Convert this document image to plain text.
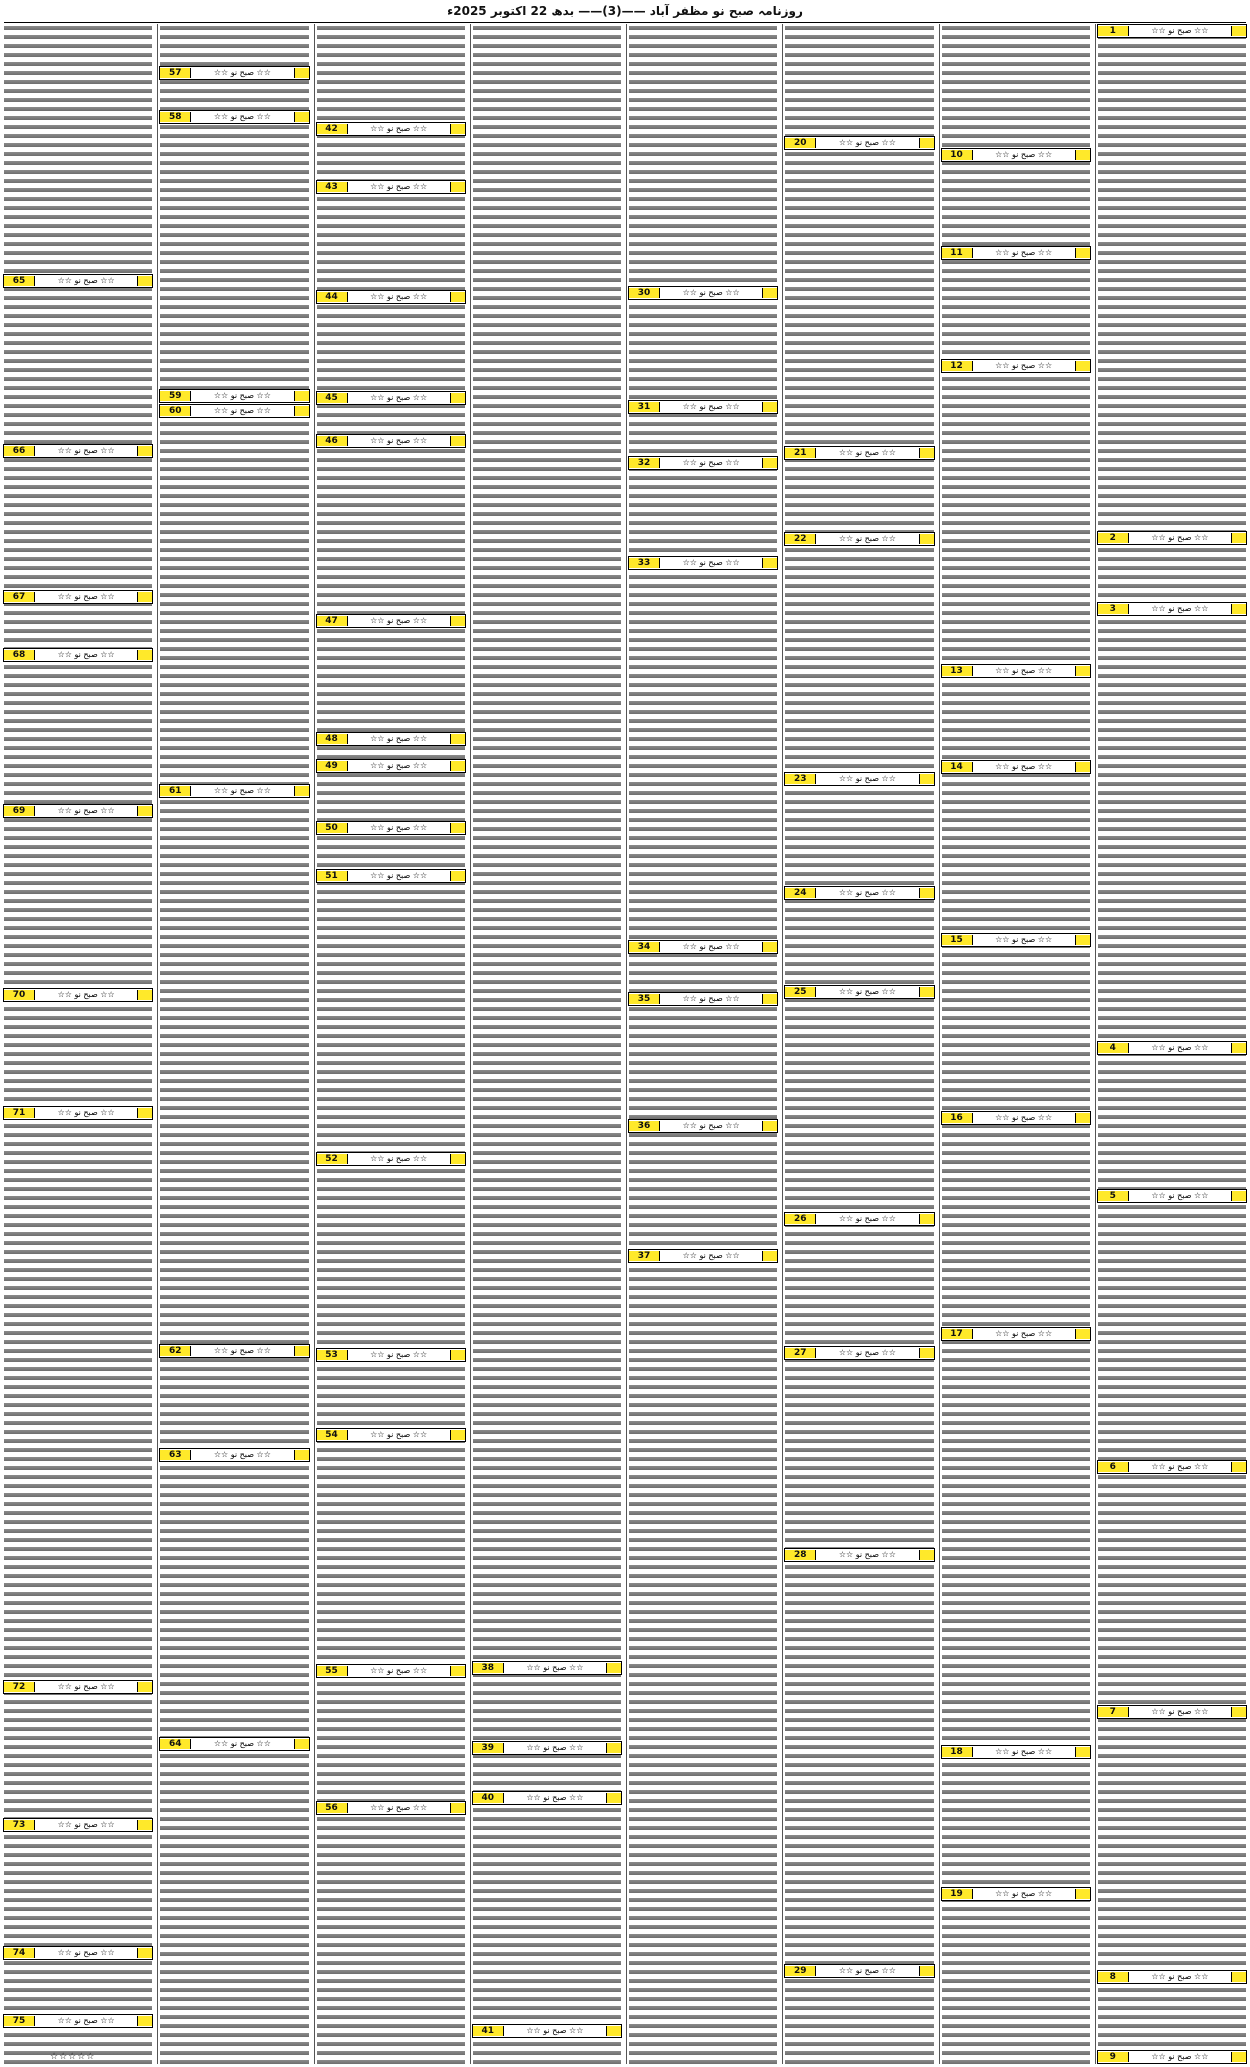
روزنامہ صبح نو مظفر آباد ——(3)—— بدھ 22 اکتوبر 2025ء
1	☆☆ صبح نو ☆☆
2	☆☆ صبح نو ☆☆
3	☆☆ صبح نو ☆☆
4	☆☆ صبح نو ☆☆
5	☆☆ صبح نو ☆☆
6	☆☆ صبح نو ☆☆
7	☆☆ صبح نو ☆☆
8	☆☆ صبح نو ☆☆
9	☆☆ صبح نو ☆☆
10	☆☆ صبح نو ☆☆
11	☆☆ صبح نو ☆☆
12	☆☆ صبح نو ☆☆
13	☆☆ صبح نو ☆☆
14	☆☆ صبح نو ☆☆
15	☆☆ صبح نو ☆☆
16	☆☆ صبح نو ☆☆
17	☆☆ صبح نو ☆☆
18	☆☆ صبح نو ☆☆
19	☆☆ صبح نو ☆☆
20	☆☆ صبح نو ☆☆
21	☆☆ صبح نو ☆☆
22	☆☆ صبح نو ☆☆
23	☆☆ صبح نو ☆☆
24	☆☆ صبح نو ☆☆
25	☆☆ صبح نو ☆☆
26	☆☆ صبح نو ☆☆
27	☆☆ صبح نو ☆☆
28	☆☆ صبح نو ☆☆
29	☆☆ صبح نو ☆☆
30	☆☆ صبح نو ☆☆
31	☆☆ صبح نو ☆☆
32	☆☆ صبح نو ☆☆
33	☆☆ صبح نو ☆☆
34	☆☆ صبح نو ☆☆
35	☆☆ صبح نو ☆☆
36	☆☆ صبح نو ☆☆
37	☆☆ صبح نو ☆☆
38	☆☆ صبح نو ☆☆
39	☆☆ صبح نو ☆☆
40	☆☆ صبح نو ☆☆
41	☆☆ صبح نو ☆☆
42	☆☆ صبح نو ☆☆
43	☆☆ صبح نو ☆☆
44	☆☆ صبح نو ☆☆
45	☆☆ صبح نو ☆☆
46	☆☆ صبح نو ☆☆
47	☆☆ صبح نو ☆☆
48	☆☆ صبح نو ☆☆
49	☆☆ صبح نو ☆☆
50	☆☆ صبح نو ☆☆
51	☆☆ صبح نو ☆☆
52	☆☆ صبح نو ☆☆
53	☆☆ صبح نو ☆☆
54	☆☆ صبح نو ☆☆
55	☆☆ صبح نو ☆☆
56	☆☆ صبح نو ☆☆
57	☆☆ صبح نو ☆☆
58	☆☆ صبح نو ☆☆
59	☆☆ صبح نو ☆☆
60	☆☆ صبح نو ☆☆
61	☆☆ صبح نو ☆☆
62	☆☆ صبح نو ☆☆
63	☆☆ صبح نو ☆☆
64	☆☆ صبح نو ☆☆
65	☆☆ صبح نو ☆☆
66	☆☆ صبح نو ☆☆
67	☆☆ صبح نو ☆☆
68	☆☆ صبح نو ☆☆
69	☆☆ صبح نو ☆☆
70	☆☆ صبح نو ☆☆
71	☆☆ صبح نو ☆☆
72	☆☆ صبح نو ☆☆
73	☆☆ صبح نو ☆☆
74	☆☆ صبح نو ☆☆
75	☆☆ صبح نو ☆☆
☆☆☆☆☆
